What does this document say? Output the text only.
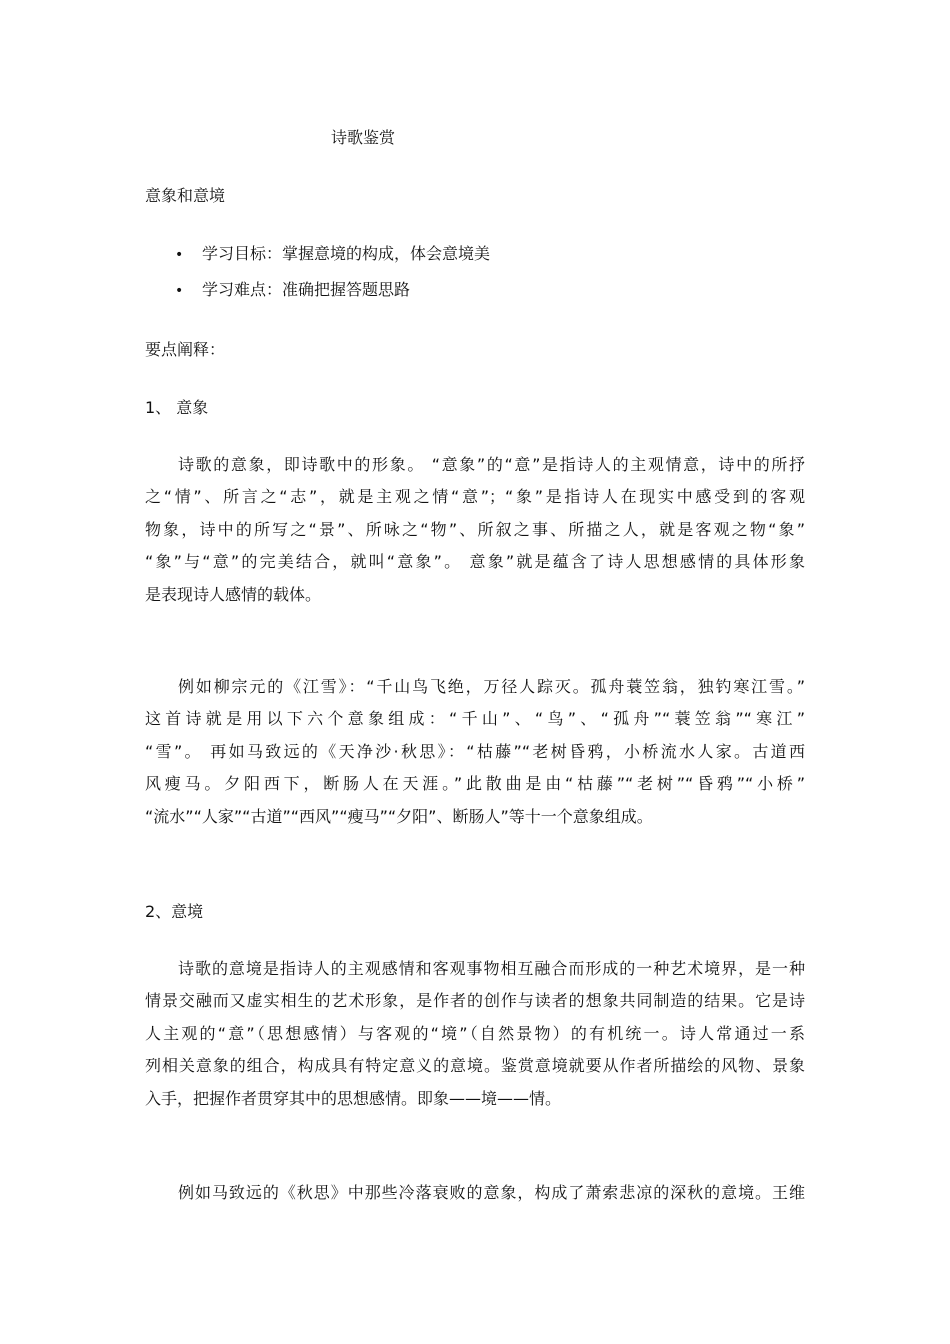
诗歌鉴赏
意象和意境
• 学习目标：掌握意境的构成，体会意境美
• 学习难点：准确把握答题思路
要点阐释：
1、 意象
诗歌的意象，即诗歌中的形象。 “意象”的“意”是指诗人的主观情意，诗中的所抒
之“情”、所言之“志”，就是主观之情“意”；“象”是指诗人在现实中感受到的客观
物象，诗中的所写之“景”、所咏之“物”、所叙之事、所描之人，就是客观之物“象”
“象”与“意”的完美结合，就叫“意象”。 意象”就是蕴含了诗人思想感情的具体形象
是表现诗人感情的载体。
例如柳宗元的《江雪》：“千山鸟飞绝，万径人踪灭。孤舟蓑笠翁，独钓寒江雪。”
这首诗就是用以下六个意象组成：“千山”、“鸟”、“孤舟”“蓑笠翁”“寒江”
“雪”。 再如马致远的《天净沙·秋思》：“枯藤”“老树昏鸦，小桥流水人家。古道西
风瘦马。夕阳西下，断肠人在天涯。”此散曲是由“枯藤”“老树”“昏鸦”“小桥”
“流水”“人家”“古道”“西风”“瘦马”“夕阳”、断肠人”等十一个意象组成。
2、意境
诗歌的意境是指诗人的主观感情和客观事物相互融合而形成的一种艺术境界，是一种
情景交融而又虚实相生的艺术形象，是作者的创作与读者的想象共同制造的结果。它是诗
人主观的“意”（思想感情）与客观的“境”（自然景物）的有机统一。诗人常通过一系
列相关意象的组合，构成具有特定意义的意境。鉴赏意境就要从作者所描绘的风物、景象
入手，把握作者贯穿其中的思想感情。即象——境——情。
例如马致远的《秋思》中那些冷落衰败的意象，构成了萧索悲凉的深秋的意境。王维
